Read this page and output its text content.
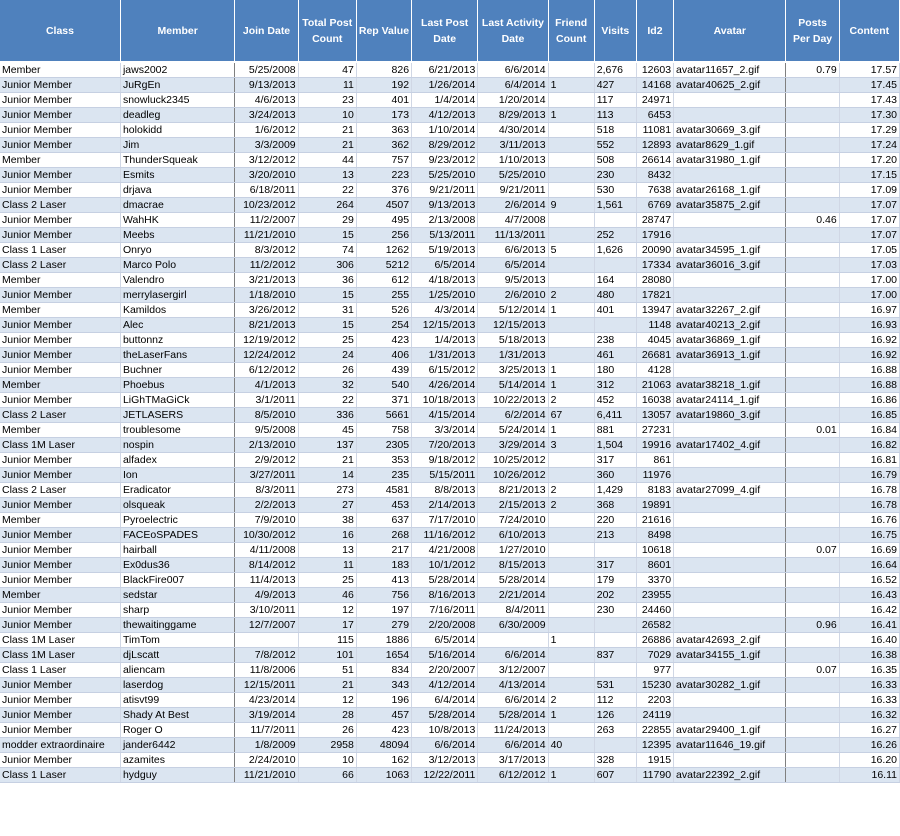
Class	Member	Join Date	Total Post Count	Rep Value	Last Post Date	Last Activity Date	Friend Count	Visits	Id2	Avatar	Posts Per Day	Content

Member	jaws2002	5/25/2008	47	826	6/21/2013	6/6/2014		2,676	12603	avatar11657_2.gif	0.79	17.57
Junior Member	JuRgEn	9/13/2013	11	192	1/26/2014	6/4/2014	1	427	14168	avatar40625_2.gif		17.45
Junior Member	snowluck2345	4/6/2013	23	401	1/4/2014	1/20/2014		117	24971			17.43
Junior Member	deadleg	3/24/2013	10	173	4/12/2013	8/29/2013	1	113	6453			17.30
Junior Member	holokidd	1/6/2012	21	363	1/10/2014	4/30/2014		518	11081	avatar30669_3.gif		17.29
Junior Member	Jim	3/3/2009	21	362	8/29/2012	3/11/2013		552	12893	avatar8629_1.gif		17.24
Member	ThunderSqueak	3/12/2012	44	757	9/23/2012	1/10/2013		508	26614	avatar31980_1.gif		17.20
Junior Member	Esmits	3/20/2010	13	223	5/25/2010	5/25/2010		230	8432			17.15
Junior Member	drjava	6/18/2011	22	376	9/21/2011	9/21/2011		530	7638	avatar26168_1.gif		17.09
Class 2 Laser	dmacrae	10/23/2012	264	4507	9/13/2013	2/6/2014	9	1,561	6769	avatar35875_2.gif		17.07
Junior Member	WahHK	11/2/2007	29	495	2/13/2008	4/7/2008			28747		0.46	17.07
Junior Member	Meebs	11/21/2010	15	256	5/13/2011	11/13/2011		252	17916			17.07
Class 1 Laser	Onryo	8/3/2012	74	1262	5/19/2013	6/6/2013	5	1,626	20090	avatar34595_1.gif		17.05
Class 2 Laser	Marco Polo	11/2/2012	306	5212	6/5/2014	6/5/2014			17334	avatar36016_3.gif		17.03
Member	Valendro	3/21/2013	36	612	4/18/2013	9/5/2013		164	28080			17.00
Junior Member	merrylasergirl	1/18/2010	15	255	1/25/2010	2/6/2010	2	480	17821			17.00
Member	Kamildos	3/26/2012	31	526	4/3/2014	5/12/2014	1	401	13947	avatar32267_2.gif		16.97
Junior Member	Alec	8/21/2013	15	254	12/15/2013	12/15/2013			1148	avatar40213_2.gif		16.93
Junior Member	buttonnz	12/19/2012	25	423	1/4/2013	5/18/2013		238	4045	avatar36869_1.gif		16.92
Junior Member	theLaserFans	12/24/2012	24	406	1/31/2013	1/31/2013		461	26681	avatar36913_1.gif		16.92
Junior Member	Buchner	6/12/2012	26	439	6/15/2012	3/25/2013	1	180	4128			16.88
Member	Phoebus	4/1/2013	32	540	4/26/2014	5/14/2014	1	312	21063	avatar38218_1.gif		16.88
Junior Member	LiGhTMaGiCk	3/1/2011	22	371	10/18/2013	10/22/2013	2	452	16038	avatar24114_1.gif		16.86
Class 2 Laser	JETLASERS	8/5/2010	336	5661	4/15/2014	6/2/2014	67	6,411	13057	avatar19860_3.gif		16.85
Member	troublesome	9/5/2008	45	758	3/3/2014	5/24/2014	1	881	27231		0.01	16.84
Class 1M Laser	nospin	2/13/2010	137	2305	7/20/2013	3/29/2014	3	1,504	19916	avatar17402_4.gif		16.82
Junior Member	alfadex	2/9/2012	21	353	9/18/2012	10/25/2012		317	861			16.81
Junior Member	Ion	3/27/2011	14	235	5/15/2011	10/26/2012		360	11976			16.79
Class 2 Laser	Eradicator	8/3/2011	273	4581	8/8/2013	8/21/2013	2	1,429	8183	avatar27099_4.gif		16.78
Junior Member	olsqueak	2/2/2013	27	453	2/14/2013	2/15/2013	2	368	19891			16.78
Member	Pyroelectric	7/9/2010	38	637	7/17/2010	7/24/2010		220	21616			16.76
Junior Member	FACEoSPADES	10/30/2012	16	268	11/16/2012	6/10/2013		213	8498			16.75
Junior Member	hairball	4/11/2008	13	217	4/21/2008	1/27/2010			10618		0.07	16.69
Junior Member	Ex0dus36	8/14/2012	11	183	10/1/2012	8/15/2013		317	8601			16.64
Junior Member	BlackFire007	11/4/2013	25	413	5/28/2014	5/28/2014		179	3370			16.52
Member	sedstar	4/9/2013	46	756	8/16/2013	2/21/2014		202	23955			16.43
Junior Member	sharp	3/10/2011	12	197	7/16/2011	8/4/2011		230	24460			16.42
Junior Member	thewaitinggame	12/7/2007	17	279	2/20/2008	6/30/2009			26582		0.96	16.41
Class 1M Laser	TimTom		115	1886	6/5/2014		1		26886	avatar42693_2.gif		16.40
Class 1M Laser	djLscatt	7/8/2012	101	1654	5/16/2014	6/6/2014		837	7029	avatar34155_1.gif		16.38
Class 1 Laser	aliencam	11/8/2006	51	834	2/20/2007	3/12/2007			977		0.07	16.35
Junior Member	laserdog	12/15/2011	21	343	4/12/2014	4/13/2014		531	15230	avatar30282_1.gif		16.33
Junior Member	atisvt99	4/23/2014	12	196	6/4/2014	6/6/2014	2	112	2203			16.33
Junior Member	Shady At Best	3/19/2014	28	457	5/28/2014	5/28/2014	1	126	24119			16.32
Junior Member	Roger O	11/7/2011	26	423	10/8/2013	11/24/2013		263	22855	avatar29400_1.gif		16.27
modder extraordinaire	jander6442	1/8/2009	2958	48094	6/6/2014	6/6/2014	40		12395	avatar11646_19.gif		16.26
Junior Member	azamites	2/24/2010	10	162	3/12/2013	3/17/2013		328	1915			16.20
Class 1 Laser	hydguy	11/21/2010	66	1063	12/22/2011	6/12/2012	1	607	11790	avatar22392_2.gif		16.11
